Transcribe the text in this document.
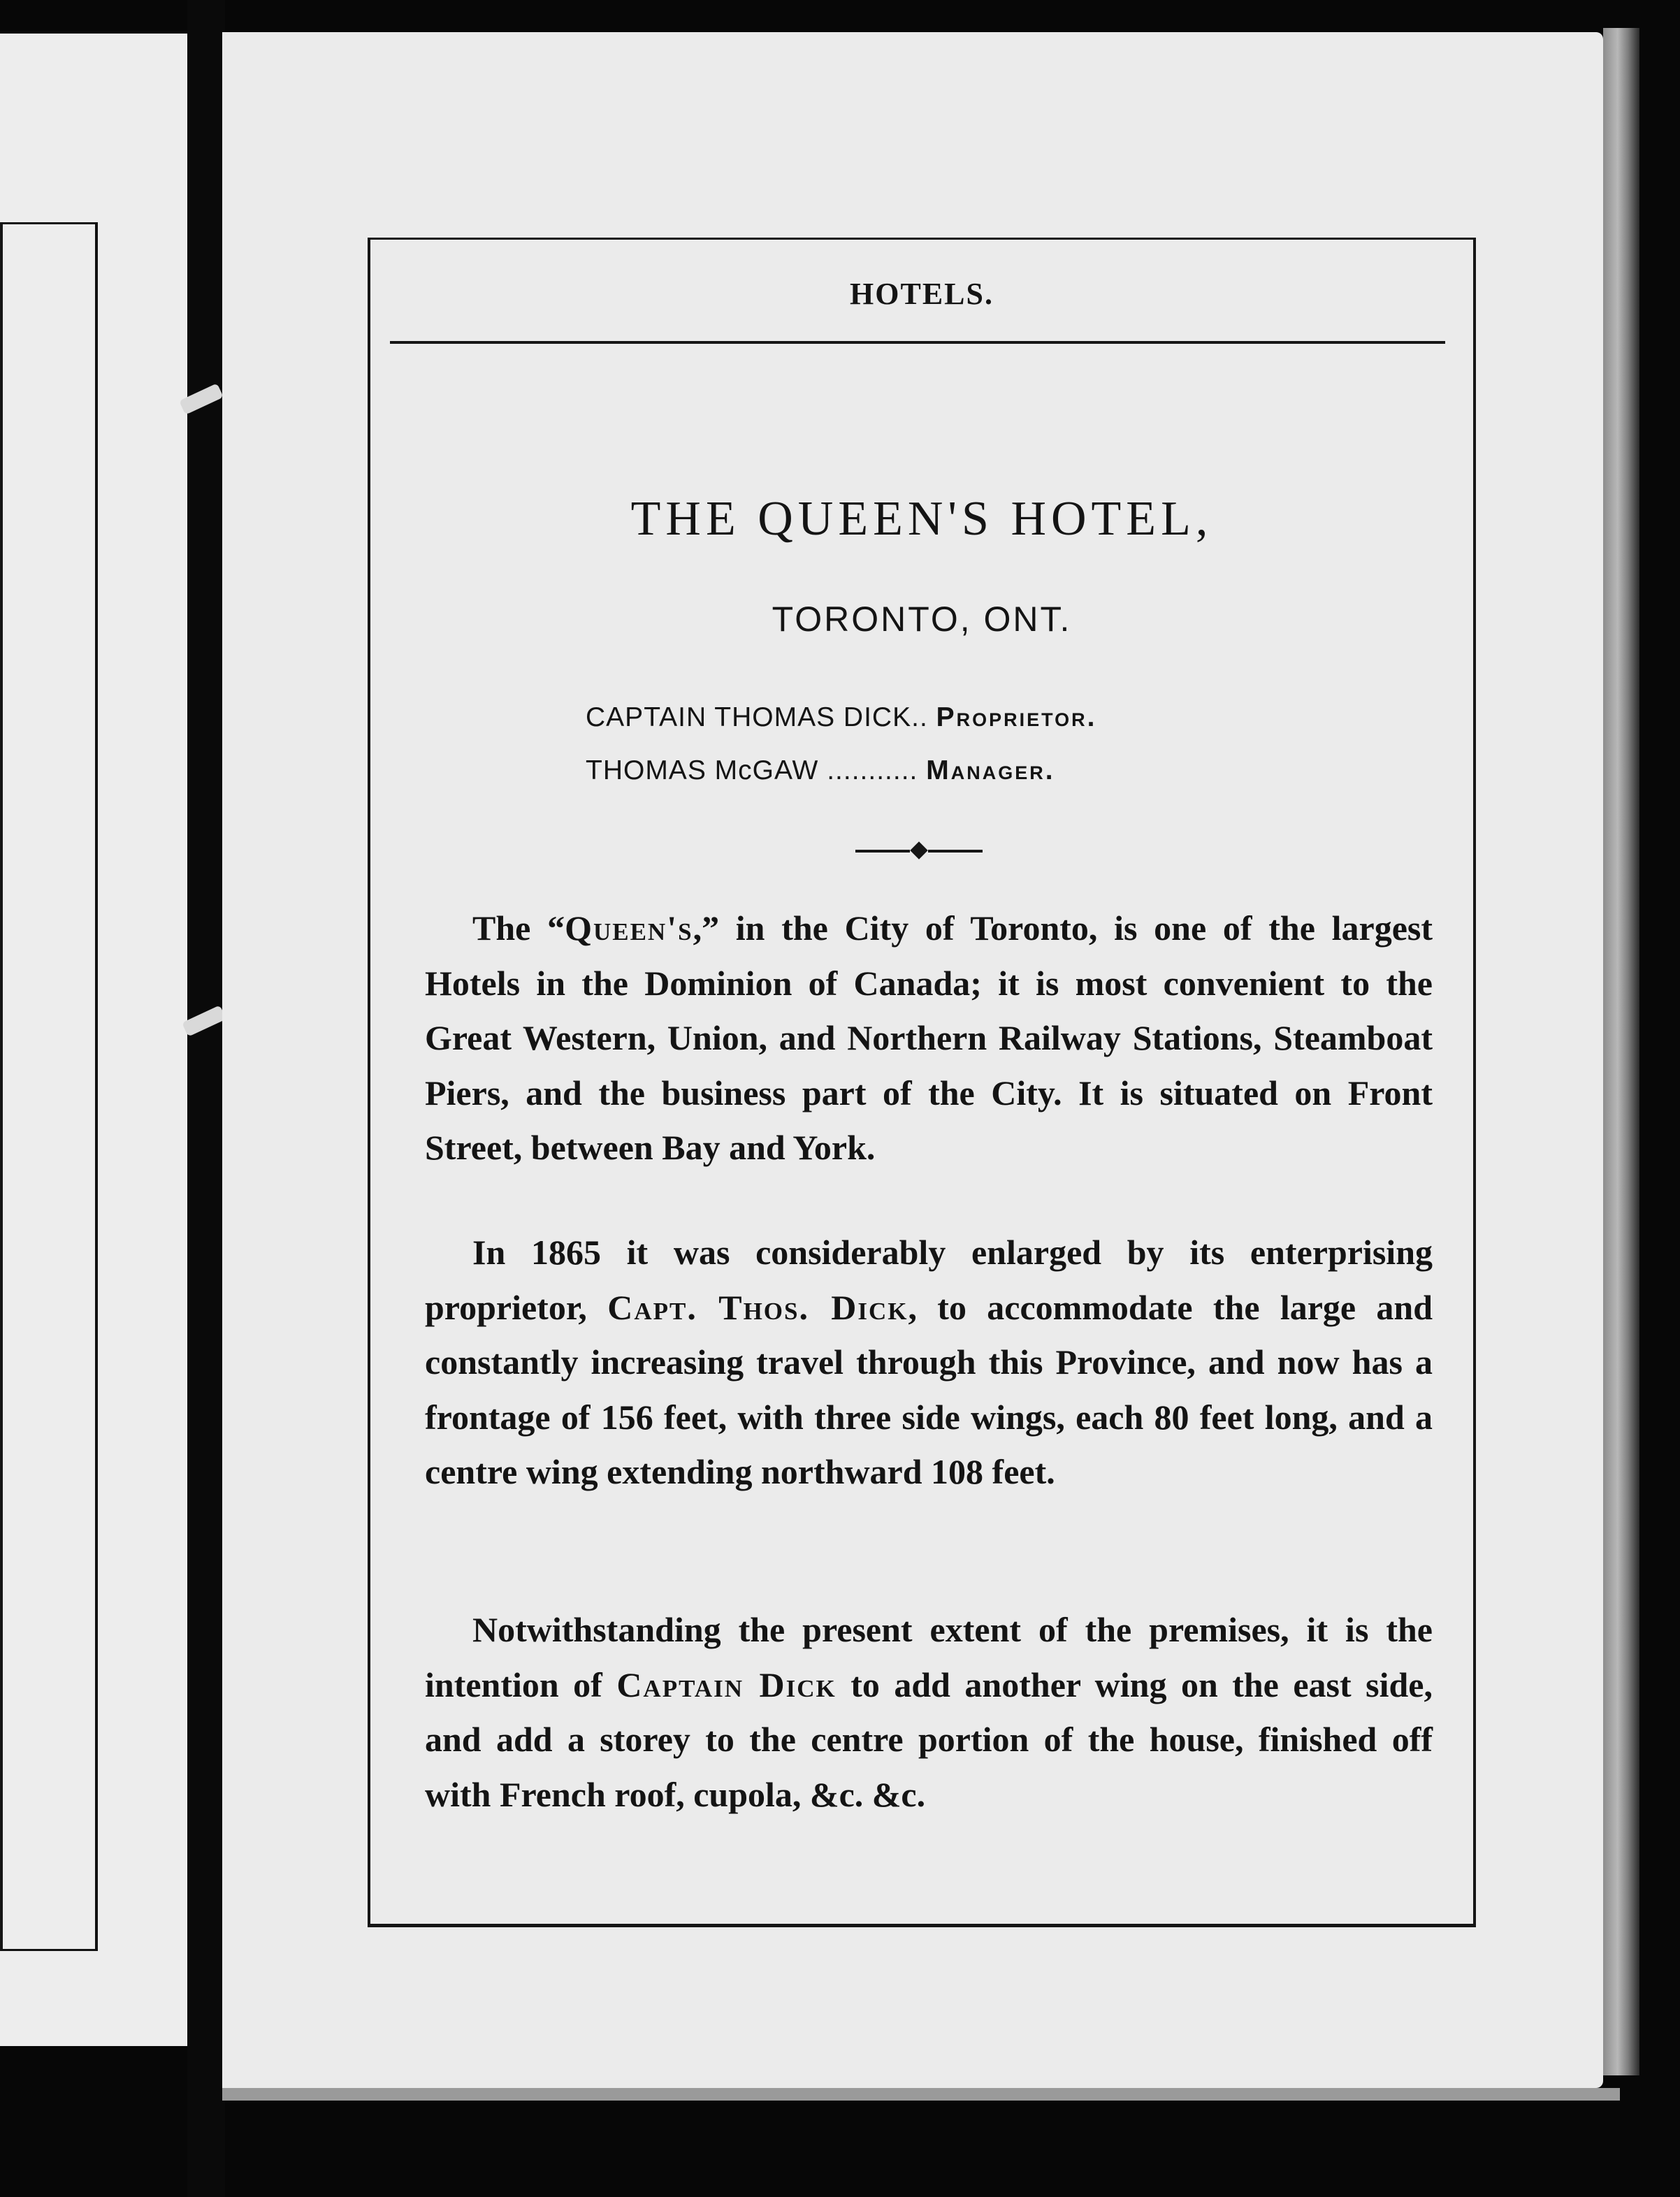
HOTELS.
THE QUEEN'S HOTEL,
TORONTO, ONT.
CAPTAIN THOMAS DICK.. Proprietor.
THOMAS McGAW ........... Manager.

The “Queen's,” in the City of Toronto, is one of the largest Hotels in the Dominion of Canada; it is most convenient to the Great Western, Union, and Northern Railway Stations, Steamboat Piers, and the business part of the City. It is situated on Front Street, between Bay and York.

In 1865 it was considerably enlarged by its enterprising proprietor, Capt. Thos. Dick, to accommodate the large and constantly increasing travel through this Province, and now has a frontage of 156 feet, with three side wings, each 80 feet long, and a centre wing extending northward 108 feet.

Notwithstanding the present extent of the premises, it is the intention of Captain Dick to add another wing on the east side, and add a storey to the centre portion of the house, finished off with French roof, cupola, &c. &c.
